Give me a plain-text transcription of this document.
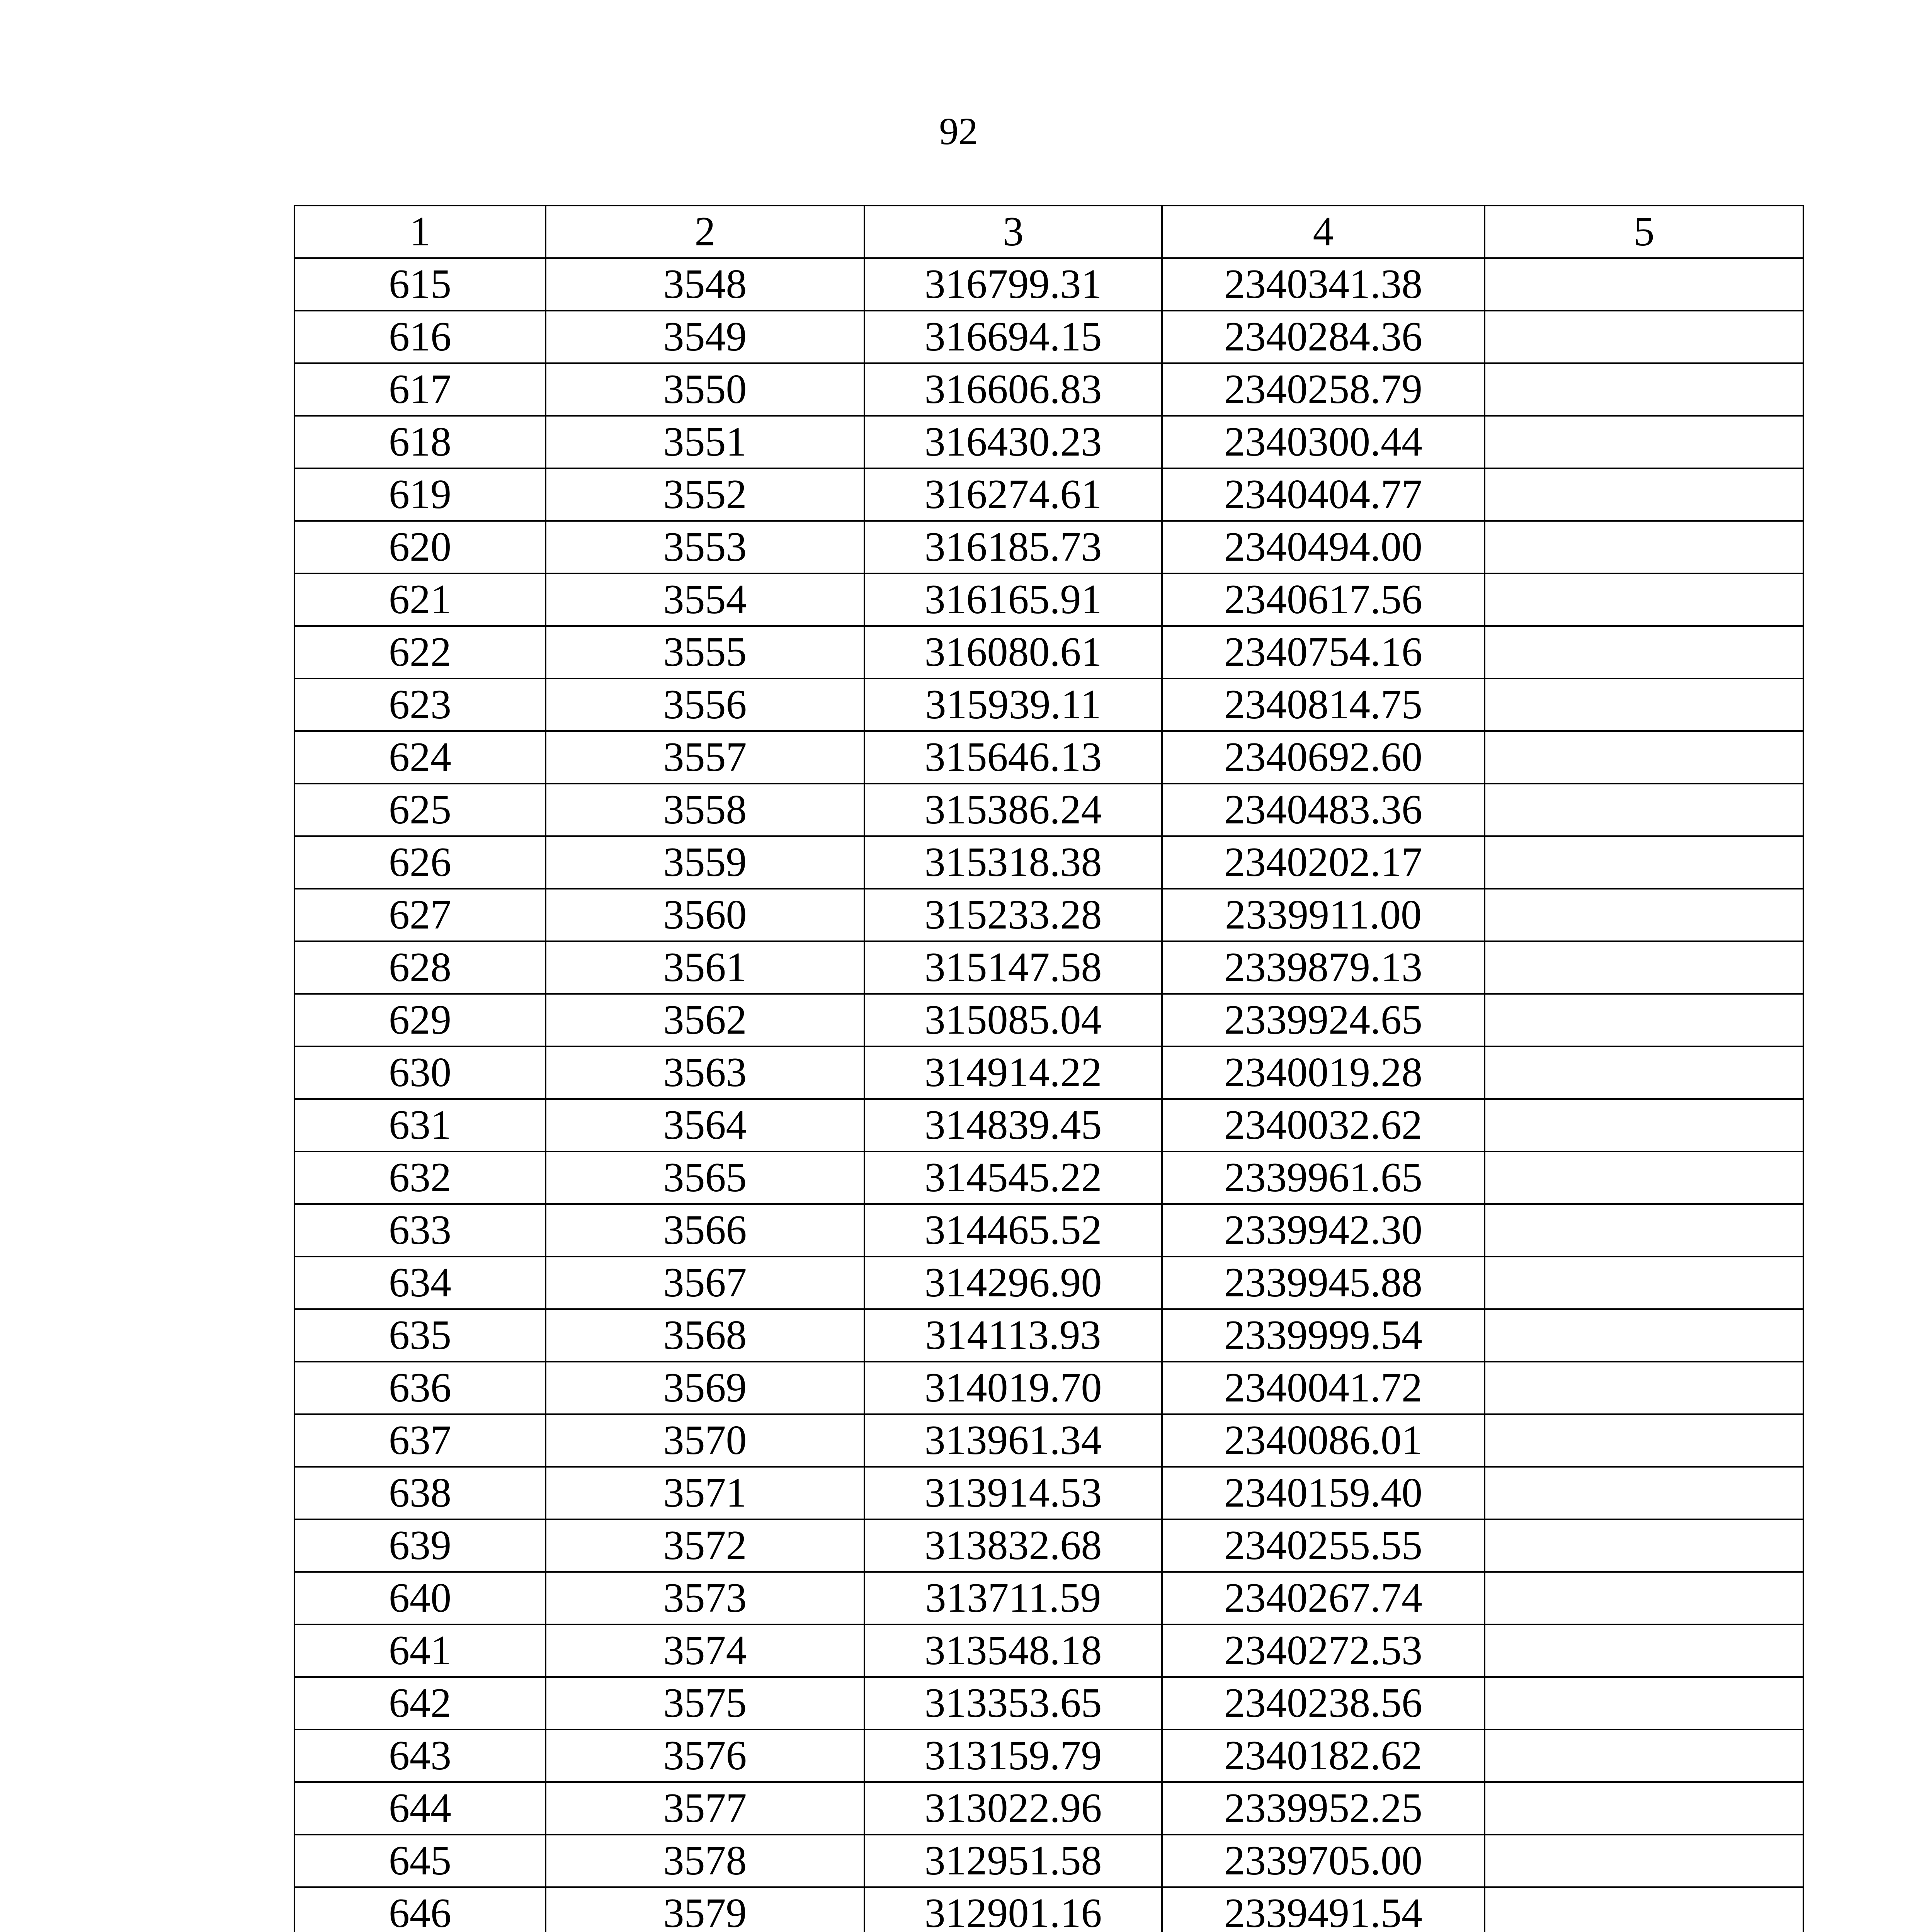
92
1	2	3	4	5
615	3548	316799.31	2340341.38	
616	3549	316694.15	2340284.36	
617	3550	316606.83	2340258.79	
618	3551	316430.23	2340300.44	
619	3552	316274.61	2340404.77	
620	3553	316185.73	2340494.00	
621	3554	316165.91	2340617.56	
622	3555	316080.61	2340754.16	
623	3556	315939.11	2340814.75	
624	3557	315646.13	2340692.60	
625	3558	315386.24	2340483.36	
626	3559	315318.38	2340202.17	
627	3560	315233.28	2339911.00	
628	3561	315147.58	2339879.13	
629	3562	315085.04	2339924.65	
630	3563	314914.22	2340019.28	
631	3564	314839.45	2340032.62	
632	3565	314545.22	2339961.65	
633	3566	314465.52	2339942.30	
634	3567	314296.90	2339945.88	
635	3568	314113.93	2339999.54	
636	3569	314019.70	2340041.72	
637	3570	313961.34	2340086.01	
638	3571	313914.53	2340159.40	
639	3572	313832.68	2340255.55	
640	3573	313711.59	2340267.74	
641	3574	313548.18	2340272.53	
642	3575	313353.65	2340238.56	
643	3576	313159.79	2340182.62	
644	3577	313022.96	2339952.25	
645	3578	312951.58	2339705.00	
646	3579	312901.16	2339491.54	
